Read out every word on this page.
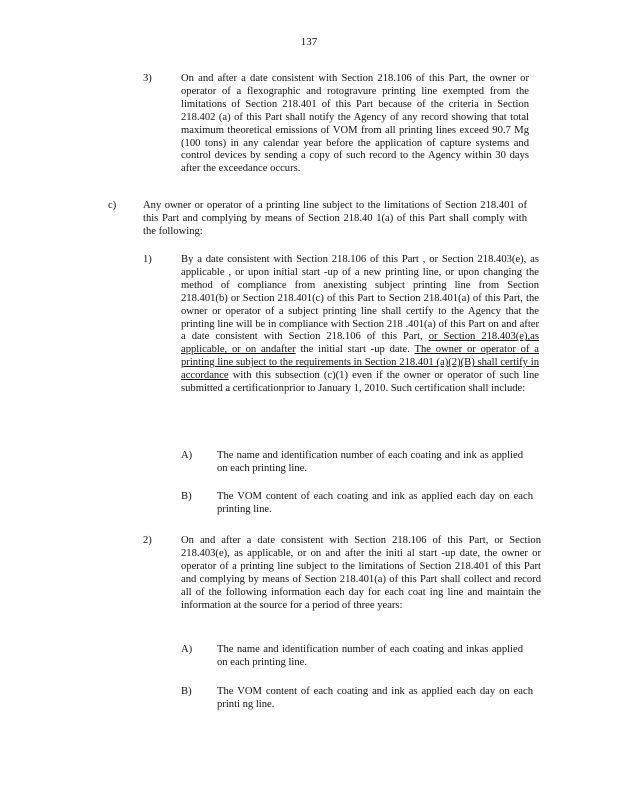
137
3)	On and after a date consistent with Section 218.106 of this Part, the owner or operator of a flexographic and rotogravure printing line exempted from the limitations of Section 218.401 of this Part because of the criteria in Section 218.402 (a) of this Part shall notify the Agency of any record showing that total maximum theoretical emissions of VOM from all printing lines exceed 90.7 Mg (100 tons) in any calendar year before the application of capture systems and control devices by sending a copy of such record to the Agency within 30 days after the exceedance occurs.
c)	Any owner or operator of a printing line subject to the limitations of Section 218.401 of this Part and complying by means of Section 218.40 1(a) of this Part shall comply with the following:
1)	By a date consistent with Section 218.106 of this Part , or Section 218.403(e), as applicable , or upon initial start -up of a new printing line, or upon changing the method of compliance from anexisting subject printing line from Section 218.401(b) or Section 218.401(c) of this Part to Section 218.401(a) of this Part, the owner or operator of a subject printing line shall certify to the Agency that the printing line will be in compliance with Section 218 .401(a) of this Part on and after a date consistent with Section 218.106 of this Part, or Section 218.403(e),as applicable, or on andafter the initial start -up date. The owner or operator of a printing line subject to the requirements in Section 218.401 (a)(2)(B) shall certify in accordance with this subsection (c)(1) even if the owner or operator of such line submitted a certificationprior to January 1, 2010. Such certification shall include:
A) The name and identification number of each coating and ink as applied on each printing line.
B) The VOM content of each coating and ink as applied each day on each printing line.
2)	On and after a date consistent with Section 218.106 of this Part, or Section 218.403(e), as applicable, or on and after the initi al start -up date, the owner or operator of a printing line subject to the limitations of Section 218.401 of this Part and complying by means of Section 218.401(a) of this Part shall collect and record all of the following information each day for each coat ing line and maintain the information at the source for a period of three years:
A) The name and identification number of each coating and inkas applied on each printing line.
B) The VOM content of each coating and ink as applied each day on each printi ng line.
